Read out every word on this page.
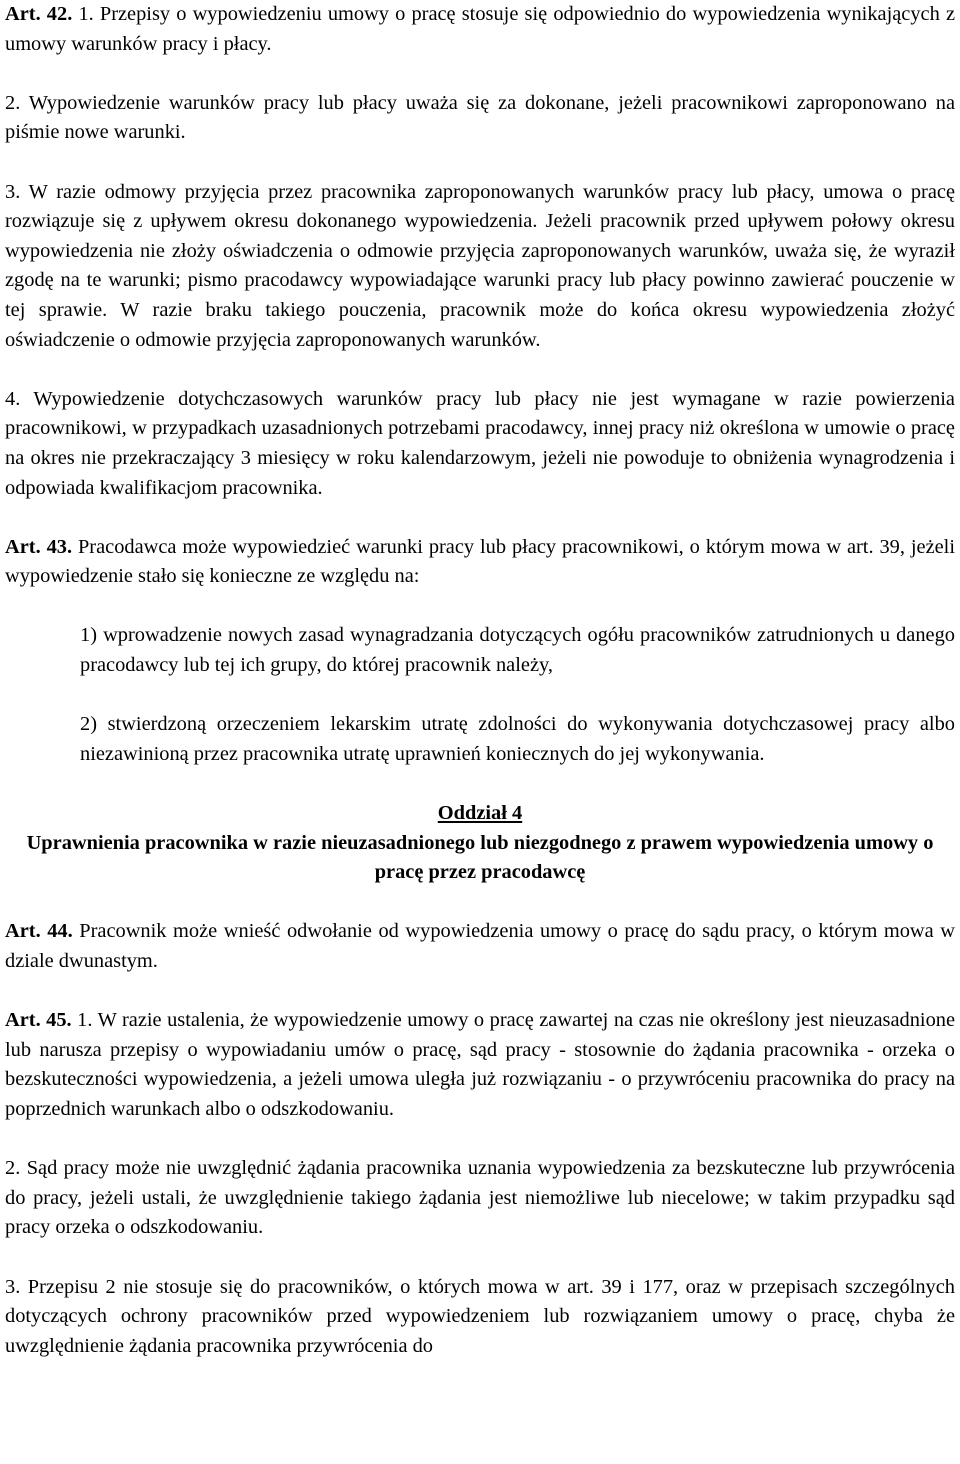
Art. 42. 1. Przepisy o wypowiedzeniu umowy o pracę stosuje się odpowiednio do wypowiedzenia wynikających z umowy warunków pracy i płacy.

2. Wypowiedzenie warunków pracy lub płacy uważa się za dokonane, jeżeli pracownikowi zaproponowano na piśmie nowe warunki.

3. W razie odmowy przyjęcia przez pracownika zaproponowanych warunków pracy lub płacy, umowa o pracę rozwiązuje się z upływem okresu dokonanego wypowiedzenia. Jeżeli pracownik przed upływem połowy okresu wypowiedzenia nie złoży oświadczenia o odmowie przyjęcia zaproponowanych warunków, uważa się, że wyraził zgodę na te warunki; pismo pracodawcy wypowiadające warunki pracy lub płacy powinno zawierać pouczenie w tej sprawie. W razie braku takiego pouczenia, pracownik może do końca okresu wypowiedzenia złożyć oświadczenie o odmowie przyjęcia zaproponowanych warunków.

4. Wypowiedzenie dotychczasowych warunków pracy lub płacy nie jest wymagane w razie powierzenia pracownikowi, w przypadkach uzasadnionych potrzebami pracodawcy, innej pracy niż określona w umowie o pracę na okres nie przekraczający 3 miesięcy w roku kalendarzowym, jeżeli nie powoduje to obniżenia wynagrodzenia i odpowiada kwalifikacjom pracownika.

Art. 43. Pracodawca może wypowiedzieć warunki pracy lub płacy pracownikowi, o którym mowa w art. 39, jeżeli wypowiedzenie stało się konieczne ze względu na:

1) wprowadzenie nowych zasad wynagradzania dotyczących ogółu pracowników zatrudnionych u danego pracodawcy lub tej ich grupy, do której pracownik należy,

2) stwierdzoną orzeczeniem lekarskim utratę zdolności do wykonywania dotychczasowej pracy albo niezawinioną przez pracownika utratę uprawnień koniecznych do jej wykonywania.

Oddział 4

Uprawnienia pracownika w razie nieuzasadnionego lub niezgodnego z prawem wypowiedzenia umowy o pracę przez pracodawcę

Art. 44. Pracownik może wnieść odwołanie od wypowiedzenia umowy o pracę do sądu pracy, o którym mowa w dziale dwunastym.

Art. 45. 1. W razie ustalenia, że wypowiedzenie umowy o pracę zawartej na czas nie określony jest nieuzasadnione lub narusza przepisy o wypowiadaniu umów o pracę, sąd pracy - stosownie do żądania pracownika - orzeka o bezskuteczności wypowiedzenia, a jeżeli umowa uległa już rozwiązaniu - o przywróceniu pracownika do pracy na poprzednich warunkach albo o odszkodowaniu.

2. Sąd pracy może nie uwzględnić żądania pracownika uznania wypowiedzenia za bezskuteczne lub przywrócenia do pracy, jeżeli ustali, że uwzględnienie takiego żądania jest niemożliwe lub niecelowe; w takim przypadku sąd pracy orzeka o odszkodowaniu.

3. Przepisu 2 nie stosuje się do pracowników, o których mowa w art. 39 i 177, oraz w przepisach szczególnych dotyczących ochrony pracowników przed wypowiedzeniem lub rozwiązaniem umowy o pracę, chyba że uwzględnienie żądania pracownika przywrócenia do
